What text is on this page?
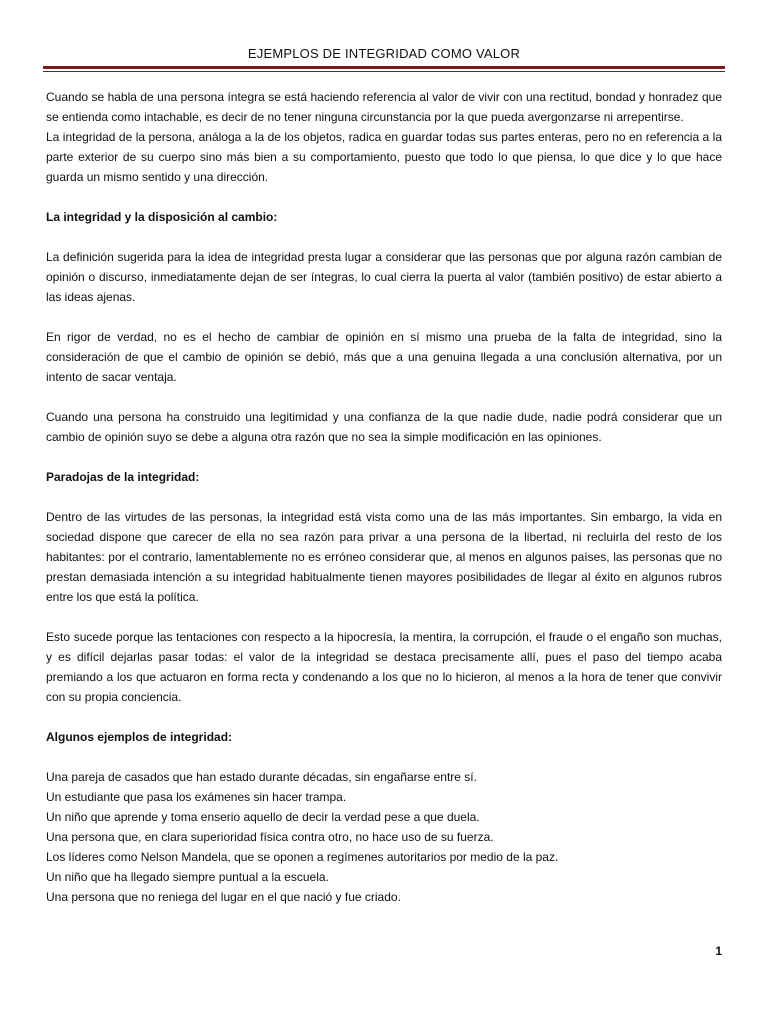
EJEMPLOS DE INTEGRIDAD COMO VALOR

Cuando se habla de una persona íntegra se está haciendo referencia al valor de vivir con una rectitud, bondad y honradez que se entienda como intachable, es decir de no tener ninguna circunstancia por la que pueda avergonzarse ni arrepentirse.

La integridad de la persona, análoga a la de los objetos, radica en guardar todas sus partes enteras, pero no en referencia a la parte exterior de su cuerpo sino más bien a su comportamiento, puesto que todo lo que piensa, lo que dice y lo que hace guarda un mismo sentido y una dirección.

La integridad y la disposición al cambio:

La definición sugerida para la idea de integridad presta lugar a considerar que las personas que por alguna razón cambian de opinión o discurso, inmediatamente dejan de ser íntegras, lo cual cierra la puerta al valor (también positivo) de estar abierto a las ideas ajenas.

En rigor de verdad, no es el hecho de cambiar de opinión en sí mismo una prueba de la falta de integridad, sino la consideración de que el cambio de opinión se debió, más que a una genuina llegada a una conclusión alternativa, por un intento de sacar ventaja.

Cuando una persona ha construido una legitimidad y una confianza de la que nadie dude, nadie podrá considerar que un cambio de opinión suyo se debe a alguna otra razón que no sea la simple modificación en las opiniones.

Paradojas de la integridad:

Dentro de las virtudes de las personas, la integridad está vista como una de las más importantes. Sin embargo, la vida en sociedad dispone que carecer de ella no sea razón para privar a una persona de la libertad, ni recluirla del resto de los habitantes: por el contrario, lamentablemente no es erróneo considerar que, al menos en algunos países, las personas que no prestan demasiada intención a su integridad habitualmente tienen mayores posibilidades de llegar al éxito en algunos rubros entre los que está la política.

Esto sucede porque las tentaciones con respecto a la hipocresía, la mentira, la corrupción, el fraude o el engaño son muchas, y es difícil dejarlas pasar todas: el valor de la integridad se destaca precisamente allí, pues el paso del tiempo acaba premiando a los que actuaron en forma recta y condenando a los que no lo hicieron, al menos a la hora de tener que convivir con su propia conciencia.

Algunos ejemplos de integridad:

Una pareja de casados que han estado durante décadas, sin engañarse entre sí.

Un estudiante que pasa los exámenes sin hacer trampa.

Un niño que aprende y toma enserio aquello de decir la verdad pese a que duela.

Una persona que, en clara superioridad física contra otro, no hace uso de su fuerza.

Los líderes como Nelson Mandela, que se oponen a regímenes autoritarios por medio de la paz.

Un niño que ha llegado siempre puntual a la escuela.

Una persona que no reniega del lugar en el que nació y fue criado.

1
